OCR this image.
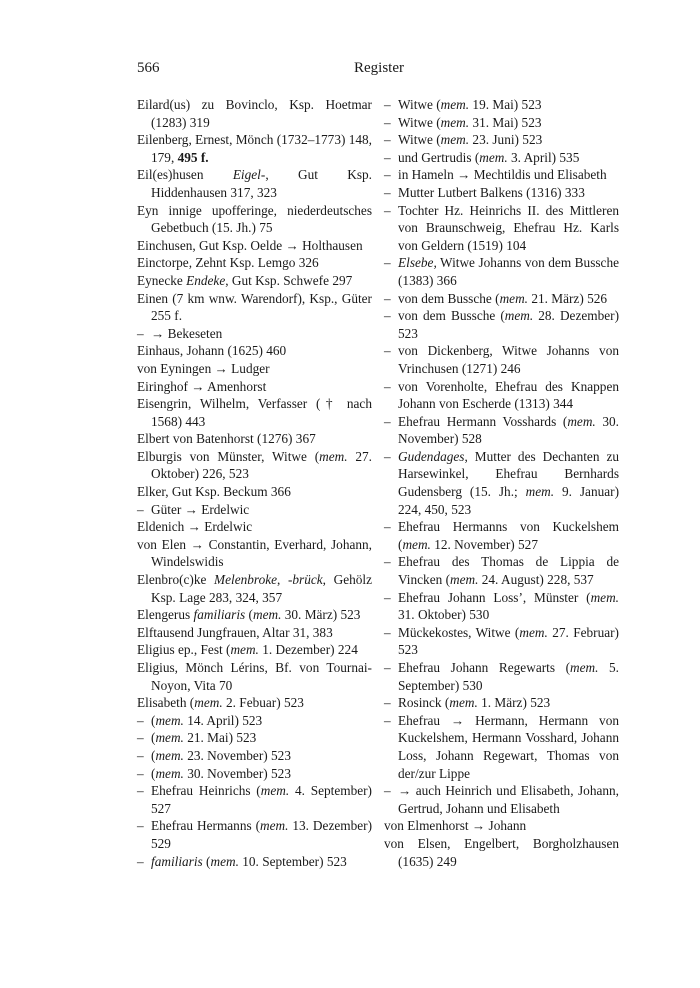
566	Register

Eilard(us) zu Bovinclo, Ksp. Hoetmar (1283) 319

Eilenberg, Ernest, Mönch (1732–1773) 148, 179, 495 f.

Eil(es)husen Eigel-, Gut Ksp. Hiddenhausen 317, 323

Eyn innige upofferinge, niederdeutsches Gebetbuch (15. Jh.) 75

Einchusen, Gut Ksp. Oelde → Holthausen

Einctorpe, Zehnt Ksp. Lemgo 326

Eynecke Endeke, Gut Ksp. Schwefe 297

Einen (7 km wnw. Warendorf), Ksp., Güter 255 f.

– → Bekeseten

Einhaus, Johann (1625) 460

von Eyningen → Ludger

Eiringhof → Amenhorst

Eisengrin, Wilhelm, Verfasser († nach 1568) 443

Elbert von Batenhorst (1276) 367

Elburgis von Münster, Witwe (mem. 27. Oktober) 226, 523

Elker, Gut Ksp. Beckum 366

– Güter → Erdelwic

Eldenich → Erdelwic

von Elen → Constantin, Everhard, Johann, Windelswidis

Elenbro(c)ke Melenbroke, -brück, Gehölz Ksp. Lage 283, 324, 357

Elengerus familiaris (mem. 30. März) 523

Elftausend Jungfrauen, Altar 31, 383

Eligius ep., Fest (mem. 1. Dezember) 224

Eligius, Mönch Lérins, Bf. von Tournai-Noyon, Vita 70

Elisabeth (mem. 2. Febuar) 523

– (mem. 14. April) 523

– (mem. 21. Mai) 523

– (mem. 23. November) 523

– (mem. 30. November) 523

– Ehefrau Heinrichs (mem. 4. September) 527

– Ehefrau Hermanns (mem. 13. Dezember) 529

– familiaris (mem. 10. September) 523

– Witwe (mem. 19. Mai) 523

– Witwe (mem. 31. Mai) 523

– Witwe (mem. 23. Juni) 523

– und Gertrudis (mem. 3. April) 535

– in Hameln → Mechtildis und Elisabeth

– Mutter Lutbert Balkens (1316) 333

– Tochter Hz. Heinrichs II. des Mittleren von Braunschweig, Ehefrau Hz. Karls von Geldern (1519) 104

– Elsebe, Witwe Johanns von dem Bussche (1383) 366

– von dem Bussche (mem. 21. März) 526

– von dem Bussche (mem. 28. Dezember) 523

– von Dickenberg, Witwe Johanns von Vrinchusen (1271) 246

– von Vorenholte, Ehefrau des Knappen Johann von Escherde (1313) 344

– Ehefrau Hermann Vosshards (mem. 30. November) 528

– Gudendages, Mutter des Dechanten zu Harsewinkel, Ehefrau Bernhards Gudensberg (15. Jh.; mem. 9. Januar) 224, 450, 523

– Ehefrau Hermanns von Kuckelshem (mem. 12. November) 527

– Ehefrau des Thomas de Lippia de Vincken (mem. 24. August) 228, 537

– Ehefrau Johann Loss’, Münster (mem. 31. Oktober) 530

– Mückekostes, Witwe (mem. 27. Februar) 523

– Ehefrau Johann Regewarts (mem. 5. September) 530

– Rosinck (mem. 1. März) 523

– Ehefrau → Hermann, Hermann von Kuckelshem, Hermann Vosshard, Johann Loss, Johann Regewart, Thomas von der/zur Lippe

– → auch Heinrich und Elisabeth, Johann, Gertrud, Johann und Elisabeth

von Elmenhorst → Johann

von Elsen, Engelbert, Borgholzhausen (1635) 249
